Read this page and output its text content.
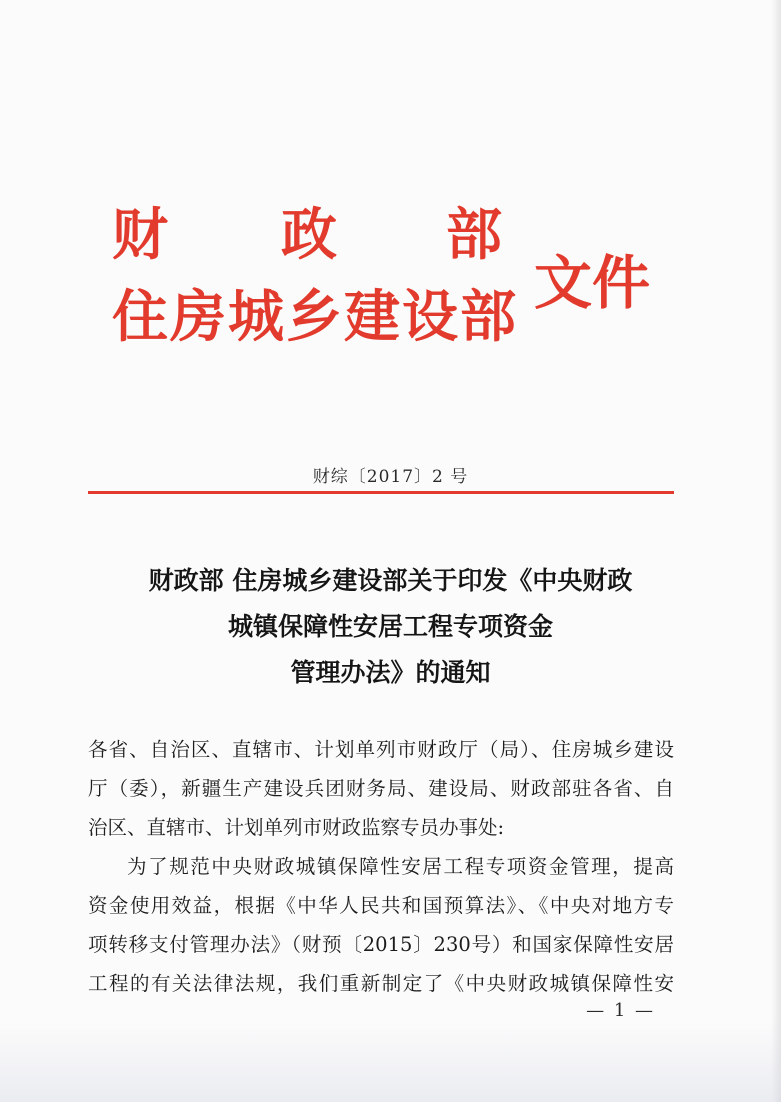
财 政 部
住房城乡建设部
文件
财综〔2017〕2 号
财政部 住房城乡建设部关于印发《中央财政
城镇保障性安居工程专项资金
管理办法》的通知
各省、自治区、直辖市、计划单列市财政厅（局）、住房城乡建设
厅（委），新疆生产建设兵团财务局、建设局、财政部驻各省、自
治区、直辖市、计划单列市财政监察专员办事处:
为了规范中央财政城镇保障性安居工程专项资金管理，提高
资金使用效益，根据《中华人民共和国预算法》、《中央对地方专
项转移支付管理办法》（财预〔2015〕230号）和国家保障性安居
工程的有关法律法规，我们重新制定了《中央财政城镇保障性安
— 1 —
